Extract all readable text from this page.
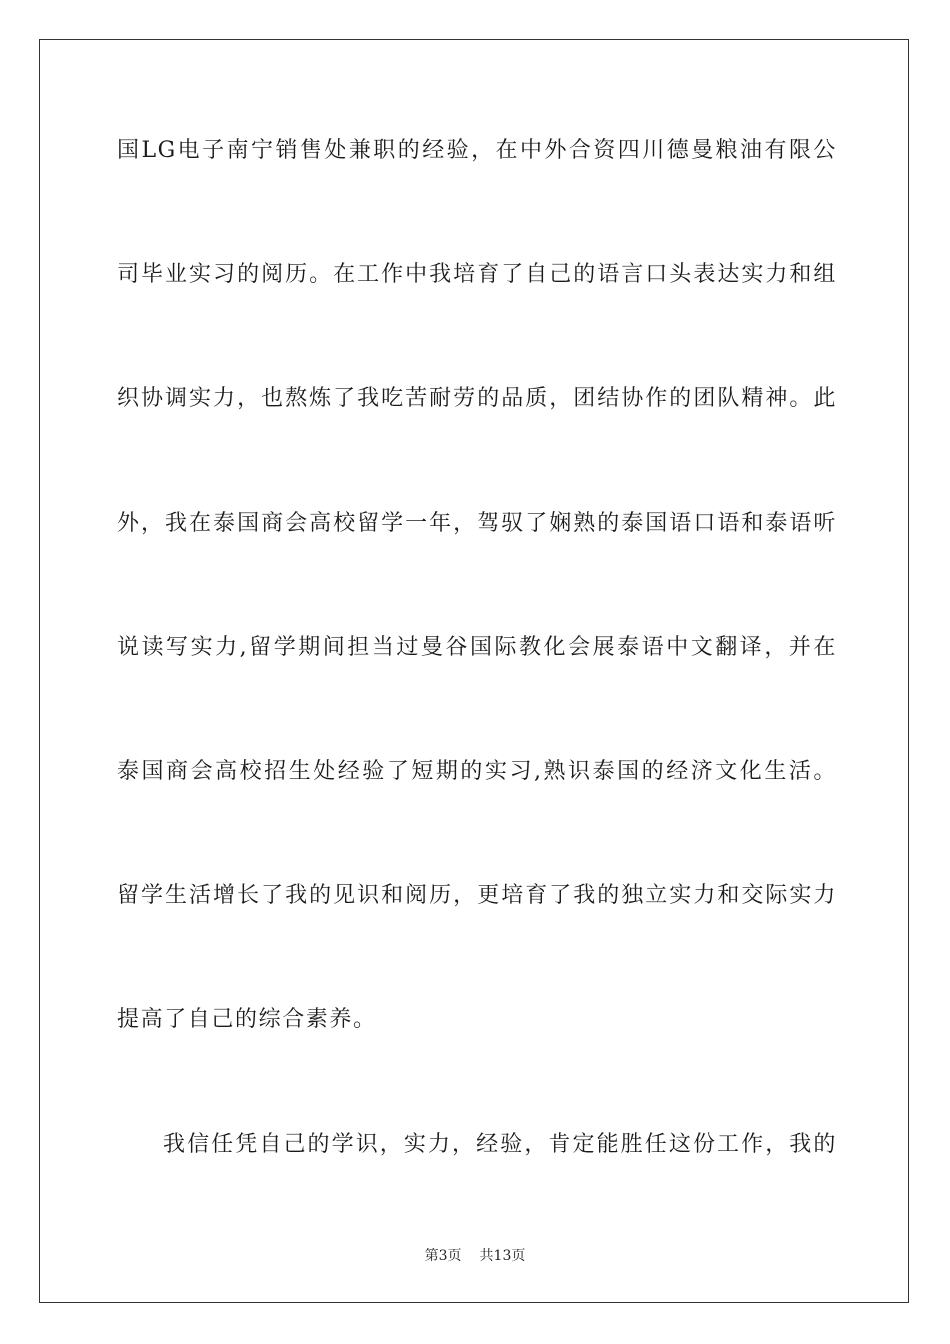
国LG电子南宁销售处兼职的经验，在中外合资四川德曼粮油有限公
司毕业实习的阅历。在工作中我培育了自己的语言口头表达实力和组
织协调实力，也熬炼了我吃苦耐劳的品质，团结协作的团队精神。此
外，我在泰国商会高校留学一年，驾驭了娴熟的泰国语口语和泰语听
说读写实力,留学期间担当过曼谷国际教化会展泰语中文翻译，并在
泰国商会高校招生处经验了短期的实习,熟识泰国的经济文化生活。
留学生活增长了我的见识和阅历，更培育了我的独立实力和交际实力
提高了自己的综合素养。
我信任凭自己的学识，实力，经验，肯定能胜任这份工作，我的
第3页 共13页
